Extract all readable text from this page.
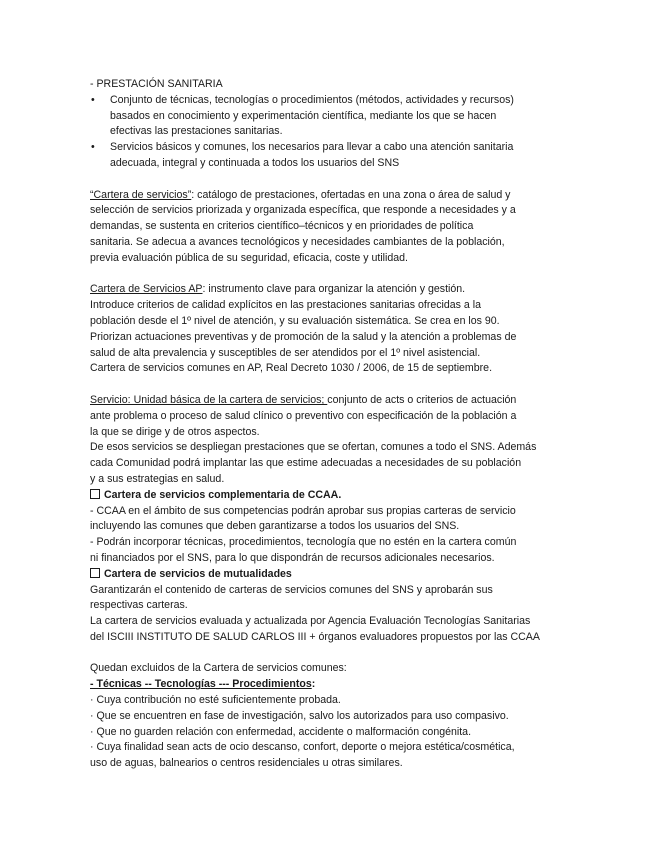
- PRESTACIÓN SANITARIA
• Conjunto de técnicas, tecnologías o procedimientos (métodos, actividades y recursos)
basados en conocimiento y experimentación científica, mediante los que se hacen
efectivas las prestaciones sanitarias.
• Servicios básicos y comunes, los necesarios para llevar a cabo una atención sanitaria
adecuada, integral y continuada a todos los usuarios del SNS
“Cartera de servicios”: catálogo de prestaciones, ofertadas en una zona o área de salud y
selección de servicios priorizada y organizada específica, que responde a necesidades y a
demandas, se sustenta en criterios científico–técnicos y en prioridades de política
sanitaria. Se adecua a avances tecnológicos y necesidades cambiantes de la población,
previa evaluación pública de su seguridad, eficacia, coste y utilidad.
Cartera de Servicios AP: instrumento clave para organizar la atención y gestión.
Introduce criterios de calidad explícitos en las prestaciones sanitarias ofrecidas a la
población desde el 1º nivel de atención, y su evaluación sistemática. Se crea en los 90.
Priorizan actuaciones preventivas y de promoción de la salud y la atención a problemas de
salud de alta prevalencia y susceptibles de ser atendidos por el 1º nivel asistencial.
Cartera de servicios comunes en AP, Real Decreto 1030 / 2006, de 15 de septiembre.
Servicio: Unidad básica de la cartera de servicios; conjunto de acts o criterios de actuación
ante problema o proceso de salud clínico o preventivo con especificación de la población a
la que se dirige y de otros aspectos.
De esos servicios se despliegan prestaciones que se ofertan, comunes a todo el SNS. Además
cada Comunidad podrá implantar las que estime adecuadas a necesidades de su población
y a sus estrategias en salud.
Cartera de servicios complementaria de CCAA.
- CCAA en el ámbito de sus competencias podrán aprobar sus propias carteras de servicio
incluyendo las comunes que deben garantizarse a todos los usuarios del SNS.
- Podrán incorporar técnicas, procedimientos, tecnología que no estén en la cartera común
ni financiados por el SNS, para lo que dispondrán de recursos adicionales necesarios.
Cartera de servicios de mutualidades
Garantizarán el contenido de carteras de servicios comunes del SNS y aprobarán sus
respectivas carteras.
La cartera de servicios evaluada y actualizada por Agencia Evaluación Tecnologías Sanitarias
del ISCIII INSTITUTO DE SALUD CARLOS III + órganos evaluadores propuestos por las CCAA
Quedan excluidos de la Cartera de servicios comunes:
- Técnicas -- Tecnologías --- Procedimientos:
· Cuya contribución no esté suficientemente probada.
· Que se encuentren en fase de investigación, salvo los autorizados para uso compasivo.
· Que no guarden relación con enfermedad, accidente o malformación congénita.
· Cuya finalidad sean acts de ocio descanso, confort, deporte o mejora estética/cosmética,
uso de aguas, balnearios o centros residenciales u otras similares.
